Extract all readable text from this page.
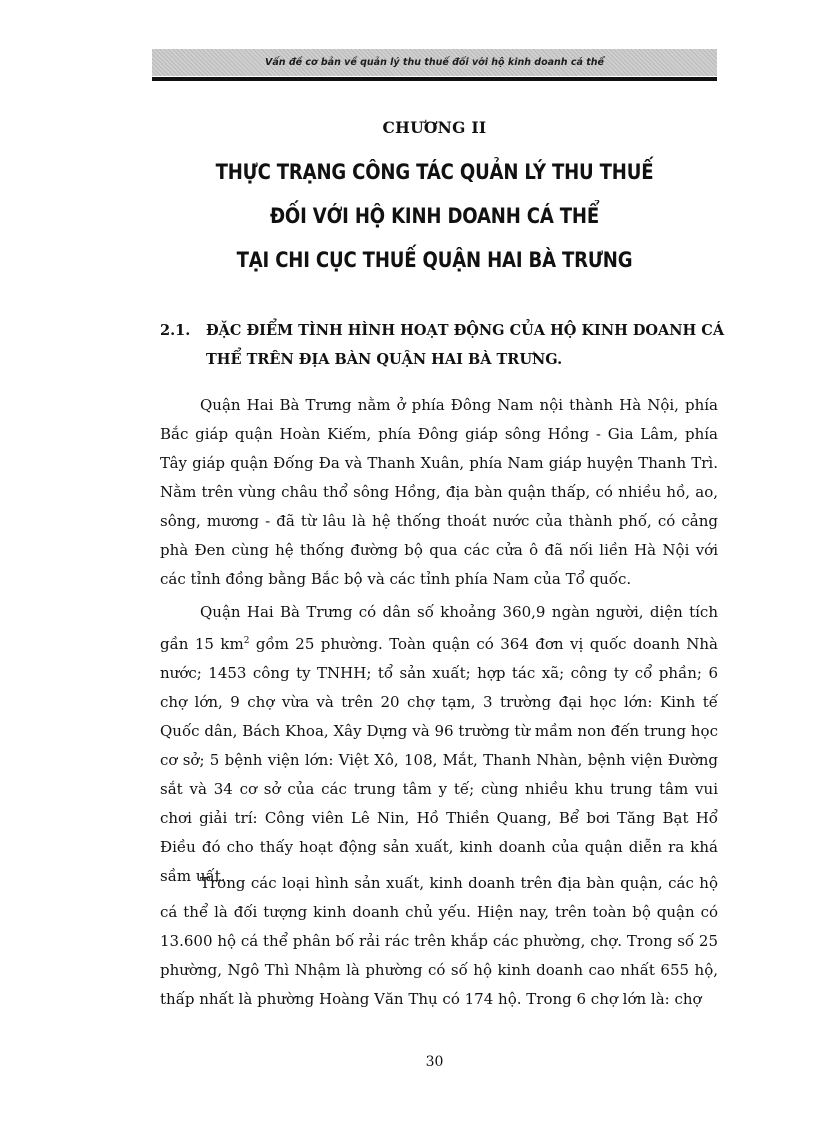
Vấn đề cơ bản về quản lý thu thuế đối với hộ kinh doanh cá thể
CHƯƠNG II
THỰC TRẠNG CÔNG TÁC QUẢN LÝ THU THUẾ
ĐỐI VỚI HỘ KINH DOANH CÁ THỂ
TẠI CHI CỤC THUẾ QUẬN HAI BÀ TRƯNG
2.1. ĐẶC ĐIỂM TÌNH HÌNH HOẠT ĐỘNG CỦA HỘ KINH DOANH CÁ THỂ TRÊN ĐỊA BÀN QUẬN HAI BÀ TRƯNG.

Quận Hai Bà Trưng nằm ở phía Đông Nam nội thành Hà Nội, phía Bắc giáp quận Hoàn Kiếm, phía Đông giáp sông Hồng - Gia Lâm, phía Tây giáp quận Đống Đa và Thanh Xuân, phía Nam giáp huyện Thanh Trì. Nằm trên vùng châu thổ sông Hồng, địa bàn quận thấp, có nhiều hồ, ao, sông, mương - đã từ lâu là hệ thống thoát nước của thành phố, có cảng phà Đen cùng hệ thống đường bộ qua các cửa ô đã nối liền Hà Nội với các tỉnh đồng bằng Bắc bộ và các tỉnh phía Nam của Tổ quốc.

Quận Hai Bà Trưng có dân số khoảng 360,9 ngàn người, diện tích gần 15 $km^2$ gồm 25 phường. Toàn quận có 364 đơn vị quốc doanh Nhà nước; 1453 công ty TNHH; tổ sản xuất; hợp tác xã; công ty cổ phần; 6 chợ lớn, 9 chợ vừa và trên 20 chợ tạm, 3 trường đại học lớn: Kinh tế Quốc dân, Bách Khoa, Xây Dựng và 96 trường từ mầm non đến trung học cơ sở; 5 bệnh viện lớn: Việt Xô, 108, Mắt, Thanh Nhàn, bệnh viện Đường sắt và 34 cơ sở của các trung tâm y tế; cùng nhiều khu trung tâm vui chơi giải trí: Công viên Lê Nin, Hồ Thiền Quang, Bể bơi Tăng Bạt Hổ Điều đó cho thấy hoạt động sản xuất, kinh doanh của quận diễn ra khá sầm uất.

Trong các loại hình sản xuất, kinh doanh trên địa bàn quận, các hộ cá thể là đối tượng kinh doanh chủ yếu. Hiện nay, trên toàn bộ quận có 13.600 hộ cá thể phân bố rải rác trên khắp các phường, chợ. Trong số 25 phường, Ngô Thì Nhậm là phường có số hộ kinh doanh cao nhất 655 hộ, thấp nhất là phường Hoàng Văn Thụ có 174 hộ. Trong 6 chợ lớn là: chợ

30
